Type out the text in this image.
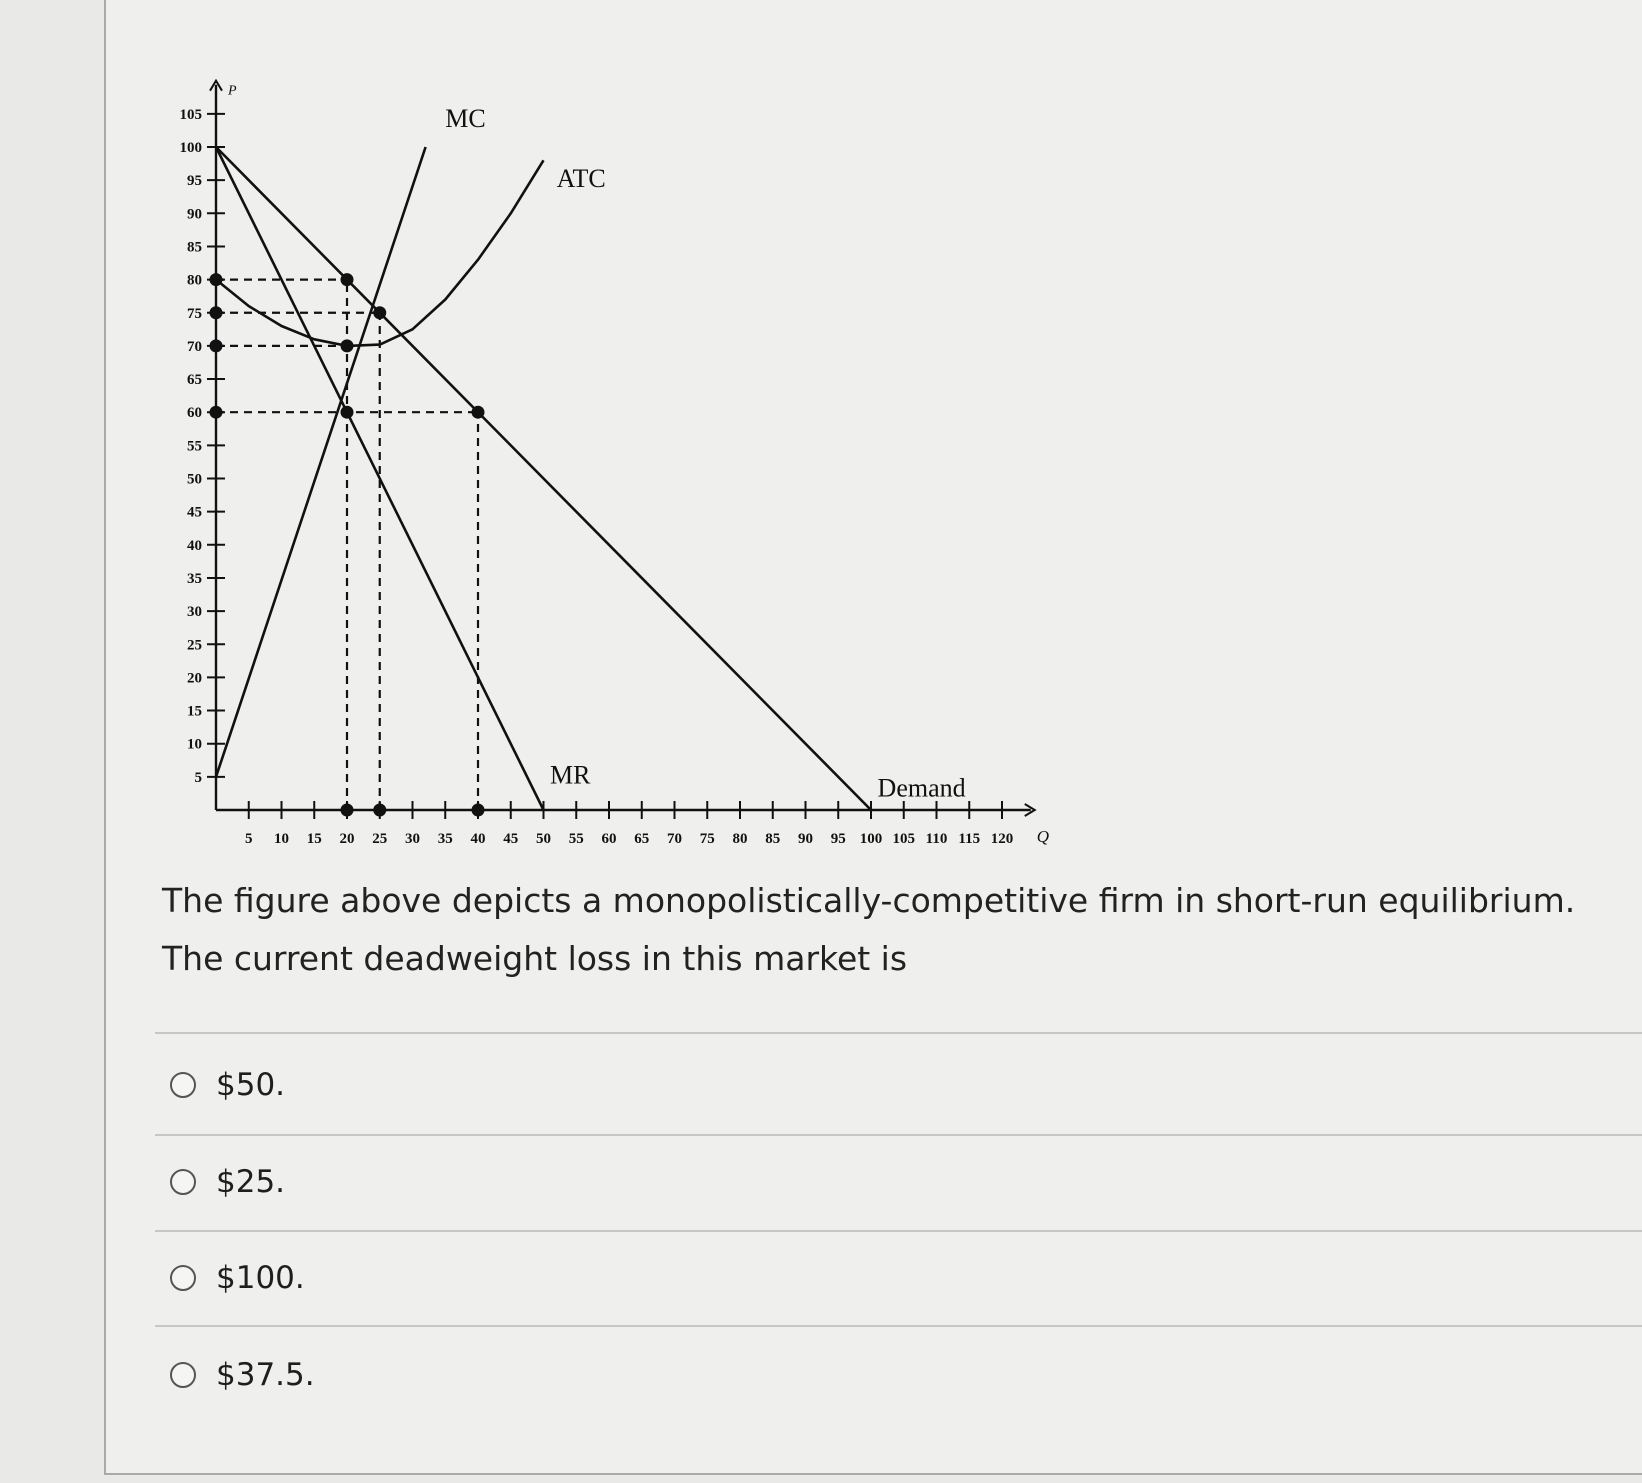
P
Q
5
10
15
20
25
30
35
40
45
50
55
60
65
70
75
80
85
90
95
100
105
5 10 15 20 25 30 35 40 45 50 55 60 65 70 75 80 85 90 95 100 105 110 115 120
MC
ATC
MR	Demand
The figure above depicts a monopolistically-competitive firm in short-run equilibrium.
The current deadweight loss in this market is
$50.
$25.
$100.
$37.5.
